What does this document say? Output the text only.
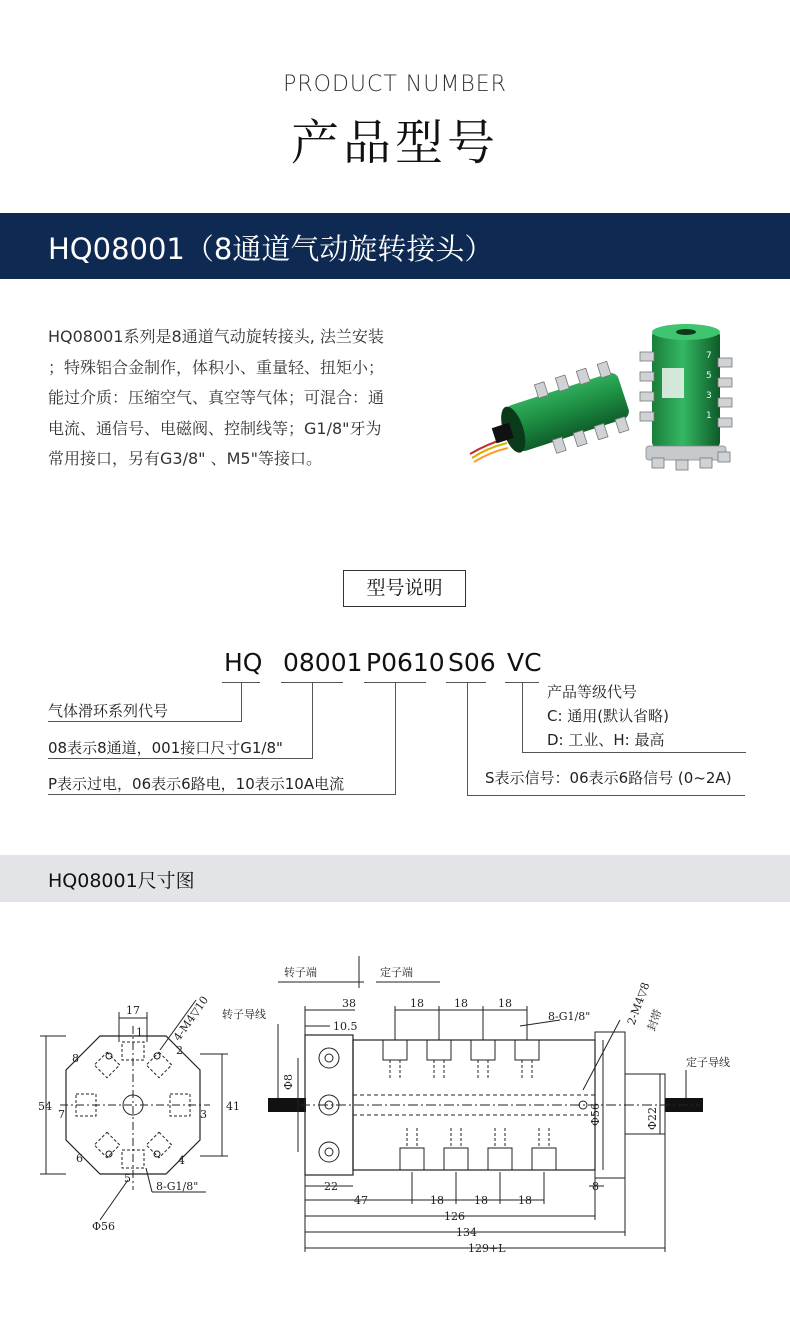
PRODUCT NUMBER
产品型号
HQ08001（8通道气动旋转接头）
HQ08001系列是8通道气动旋转接头, 法兰安装
；特殊铝合金制作，体积小、重量轻、扭矩小；
能过介质：压缩空气、真空等气体；可混合：通
电流、通信号、电磁阀、控制线等；G1/8"牙为
常用接口，另有G3/8" 、M5"等接口。
7
5
3
1
型号说明
HQ 08001 P0610 S06 VC
气体滑环系列代号
08表示8通道，001接口尺寸G1/8"
P表示过电，06表示6路电，10表示10A电流
产品等级代号
C: 通用(默认省略)
D: 工业、H: 最高
S表示信号：06表示6路信号 (0~2A)
HQ08001尺寸图
转子端	定子端
转子导线
定子导线
17
54	41
Φ56
4-M4▽10
8-G1/8"
1
2
3
4
5
6
7
8
38
10.5
18	18	18
8-G1/8"	2-M4▽8
封帯
Φ8
Φ56	Φ22
22
47	18	18	18
8
126
134
129+L
